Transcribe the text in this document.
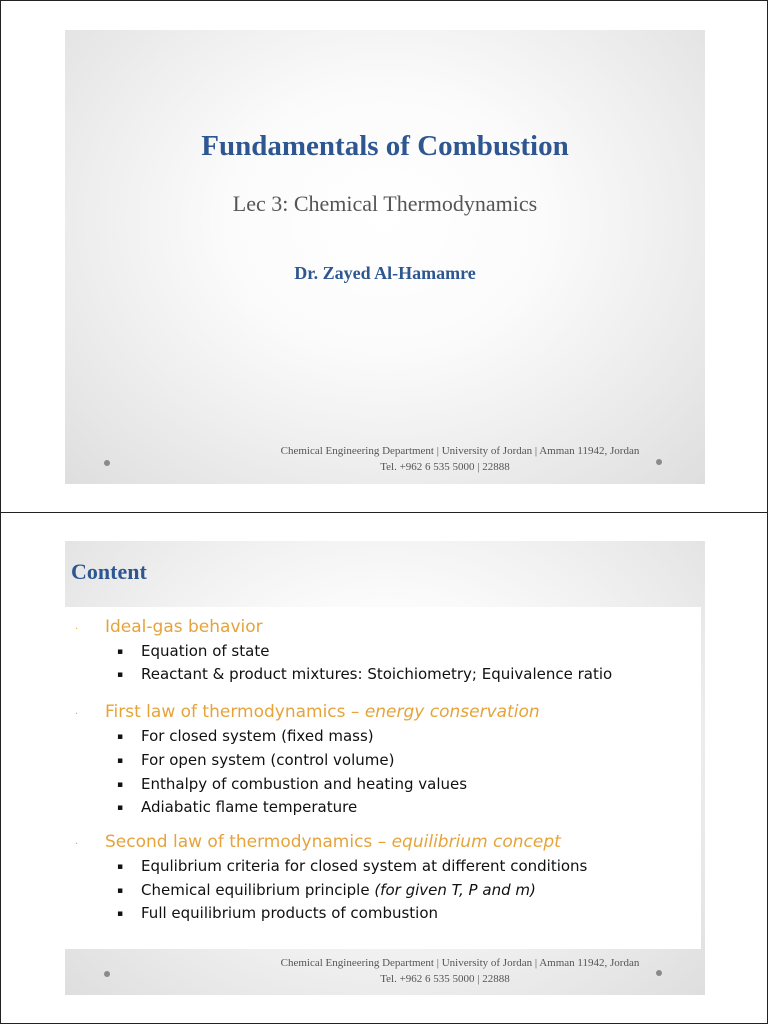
Fundamentals of Combustion
Lec 3: Chemical Thermodynamics
Dr. Zayed Al-Hamamre
Chemical Engineering Department | University of Jordan | Amman 11942, Jordan
Tel. +962 6 535 5000 | 22888
Content
· Ideal-gas behavior
▪ Equation of state
▪ Reactant & product mixtures: Stoichiometry; Equivalence ratio
· First law of thermodynamics – energy conservation
▪ For closed system (fixed mass)
▪ For open system (control volume)
▪ Enthalpy of combustion and heating values
▪ Adiabatic flame temperature
· Second law of thermodynamics – equilibrium concept
▪ Equlibrium criteria for closed system at different conditions
▪ Chemical equilibrium principle (for given T, P and m)
▪ Full equilibrium products of combustion
Chemical Engineering Department | University of Jordan | Amman 11942, Jordan
Tel. +962 6 535 5000 | 22888
